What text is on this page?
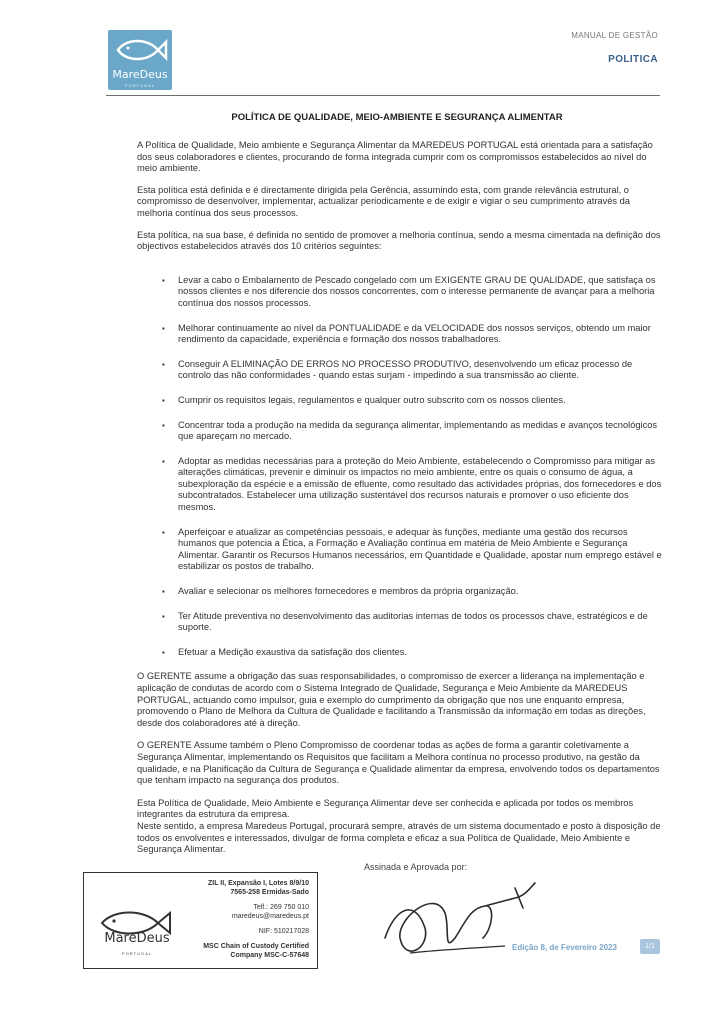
MareDeus
PORTUGAL
MANUAL DE GESTÃO
POLITICA
POLÍTICA DE QUALIDADE, MEIO-AMBIENTE E SEGURANÇA ALIMENTAR

A Política de Qualidade, Meio ambiente e Segurança Alimentar da MAREDEUS PORTUGAL está orientada para a satisfação dos seus colaboradores e clientes, procurando de forma integrada cumprir com os compromissos estabelecidos ao nível do meio ambiente.

Esta política está definida e é directamente dirigida pela Gerência, assumindo esta, com grande relevância estrutural, o compromisso de desenvolver, implementar, actualizar periodicamente e de exigir e vigiar o seu cumprimento através da melhoria contínua dos seus processos.

Esta política, na sua base, é definida no sentido de promover a melhoria contínua, sendo a mesma cimentada na definição dos objectivos estabelecidos através dos 10 critérios seguintes:

▪ Levar a cabo o Embalamento de Pescado congelado com um EXIGENTE GRAU DE QUALIDADE, que satisfaça os nossos clientes e nos diferencie dos nossos concorrentes, com o interesse permanente de avançar para a melhoria contínua dos nossos processos.
▪ Melhorar continuamente ao nível da PONTUALIDADE e da VELOCIDADE dos nossos serviços, obtendo um maior rendimento da capacidade, experiência e formação dos nossos trabalhadores.
▪ Conseguir A ELIMINAÇÃO DE ERROS NO PROCESSO PRODUTIVO, desenvolvendo um eficaz processo de controlo das não conformidades - quando estas surjam - impedindo a sua transmissão ao cliente.
▪ Cumprir os requisitos legais, regulamentos e qualquer outro subscrito com os nossos clientes.
▪ Concentrar toda a produção na medida da segurança alimentar, implementando as medidas e avanços tecnológicos que apareçam no mercado.
▪ Adoptar as medidas necessárias para a proteção do Meio Ambiente, estabelecendo o Compromisso para mitigar as alterações climáticas, prevenir e diminuir os impactos no meio ambiente, entre os quais o consumo de água, a subexploração da espécie e a emissão de efluente, como resultado das actividades próprias, dos fornecedores e dos subcontratados. Estabelecer uma utilização sustentável dos recursos naturais e promover o uso eficiente dos mesmos.
▪ Aperfeiçoar e atualizar as competências pessoais, e adequar às funções, mediante uma gestão dos recursos humanos que potencia a Ética, a Formação e Avaliação contínua em matéria de Meio Ambiente e Segurança Alimentar. Garantir os Recursos Humanos necessários, em Quantidade e Qualidade, apostar num emprego estável e estabilizar os postos de trabalho.
▪ Avaliar e selecionar os melhores fornecedores e membros da própria organização.
▪ Ter Atitude preventiva no desenvolvimento das auditorias internas de todos os processos chave, estratégicos e de suporte.
▪ Efetuar a Medição exaustiva da satisfação dos clientes.

O GERENTE assume a obrigação das suas responsabilidades, o compromisso de exercer a liderança na implementação e aplicação de condutas de acordo com o Sistema Integrado de Qualidade, Segurança e Meio Ambiente da MAREDEUS PORTUGAL, actuando como impulsor, guia e exemplo do cumprimento da obrigação que nos une enquanto empresa, promovendo o Plano de Melhora da Cultura de Qualidade e facilitando a Transmissão da informação em todas as direções, desde dos colaboradores até à direção.

O GERENTE Assume também o Pleno Compromisso de coordenar todas as ações de forma a garantir coletivamente a Segurança Alimentar, implementando os Requisitos que facilitam a Melhora contínua no processo produtivo, na gestão da qualidade, e na Planificação da Cultura de Segurança e Qualidade alimentar da empresa, envolvendo todos os departamentos que tenham impacto na segurança dos produtos.

Esta Política de Qualidade, Meio Ambiente e Segurança Alimentar deve ser conhecida e aplicada por todos os membros integrantes da estrutura da empresa.

Neste sentido, a empresa Maredeus Portugal, procurará sempre, através de um sistema documentado e posto à disposição de todos os envolventes e interessados, divulgar de forma completa e eficaz a sua Política de Qualidade, Meio Ambiente e Segurança Alimentar.

MareDeus
PORTUGAL
ZIL II, Expansão I, Lotes 8/9/10
7565-258 Ermidas-Sado
Telf.: 269 750 010
maredeus@maredeus.pt
NIF: 510217028
MSC Chain of Custody Certified
Company MSC-C-57648
Assinada e Aprovada por:
Edição 8, de Fevereiro 2023	1/1
